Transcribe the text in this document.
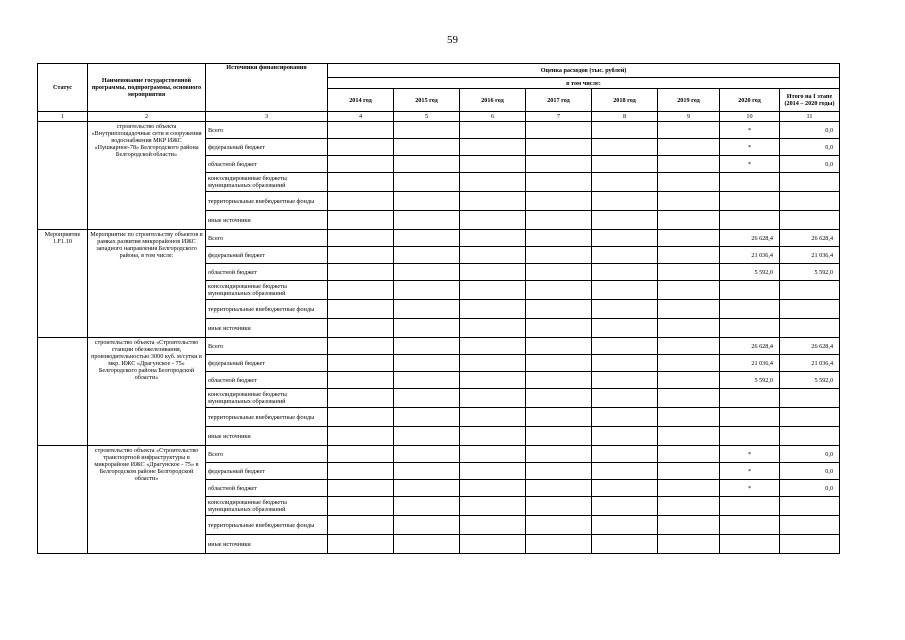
59
Статус	Наименование государственной программы, подпрограммы, основного мероприятия	Источники финансирования	Оценка расходов (тыс. рублей)							
			в том числе:							
			2014 год	2015 год	2016 год	2017 год	2018 год	2019 год	2020 год	Итого на I этапе (2014 – 2020 годы)
1	2	3	4	5	6	7	8	9	10	11
	строительство объекта «Внутриплощадочные сети и сооружения водоснабжения МКР ИЖС «Пушкарное-78» Белгородского района Белгородской области»	Всего							*	0,0
		федеральный бюджет							*	0,0
		областной бюджет							*	0,0
		консолидированные бюджеты муниципальных образований								
		территориальные внебюджетные фонды								
		иные источники								
Мероприятие 1.F1.10	Мероприятие по строительству объектов в рамках развития микрорайонов ИЖС западного направления Белгородского района, в том числе:	Всего							26 628,4	26 628,4
		федеральный бюджет							21 036,4	21 036,4
		областной бюджет							5 592,0	5 592,0
		консолидированные бюджеты муниципальных образований								
		территориальные внебюджетные фонды								
		иные источники								
	строительство объекта «Строительство станции обезжелезивания, производительностью 3000 куб. м/сутки в мкр. ИЖС «Драгунское - 75» Белгородского района Белгородской области»	Всего							26 628,4	26 628,4
		федеральный бюджет							21 036,4	21 036,4
		областной бюджет							5 592,0	5 592,0
		консолидированные бюджеты муниципальных образований								
		территориальные внебюджетные фонды								
		иные источники								
	строительство объекта «Строительство транспортной инфраструктуры в микрорайоне ИЖС «Драгунское - 75» в Белгородском районе Белгородской области»	Всего							*	0,0
		федеральный бюджет							*	0,0
		областной бюджет							*	0,0
		консолидированные бюджеты муниципальных образований								
		территориальные внебюджетные фонды								
		иные источники								
